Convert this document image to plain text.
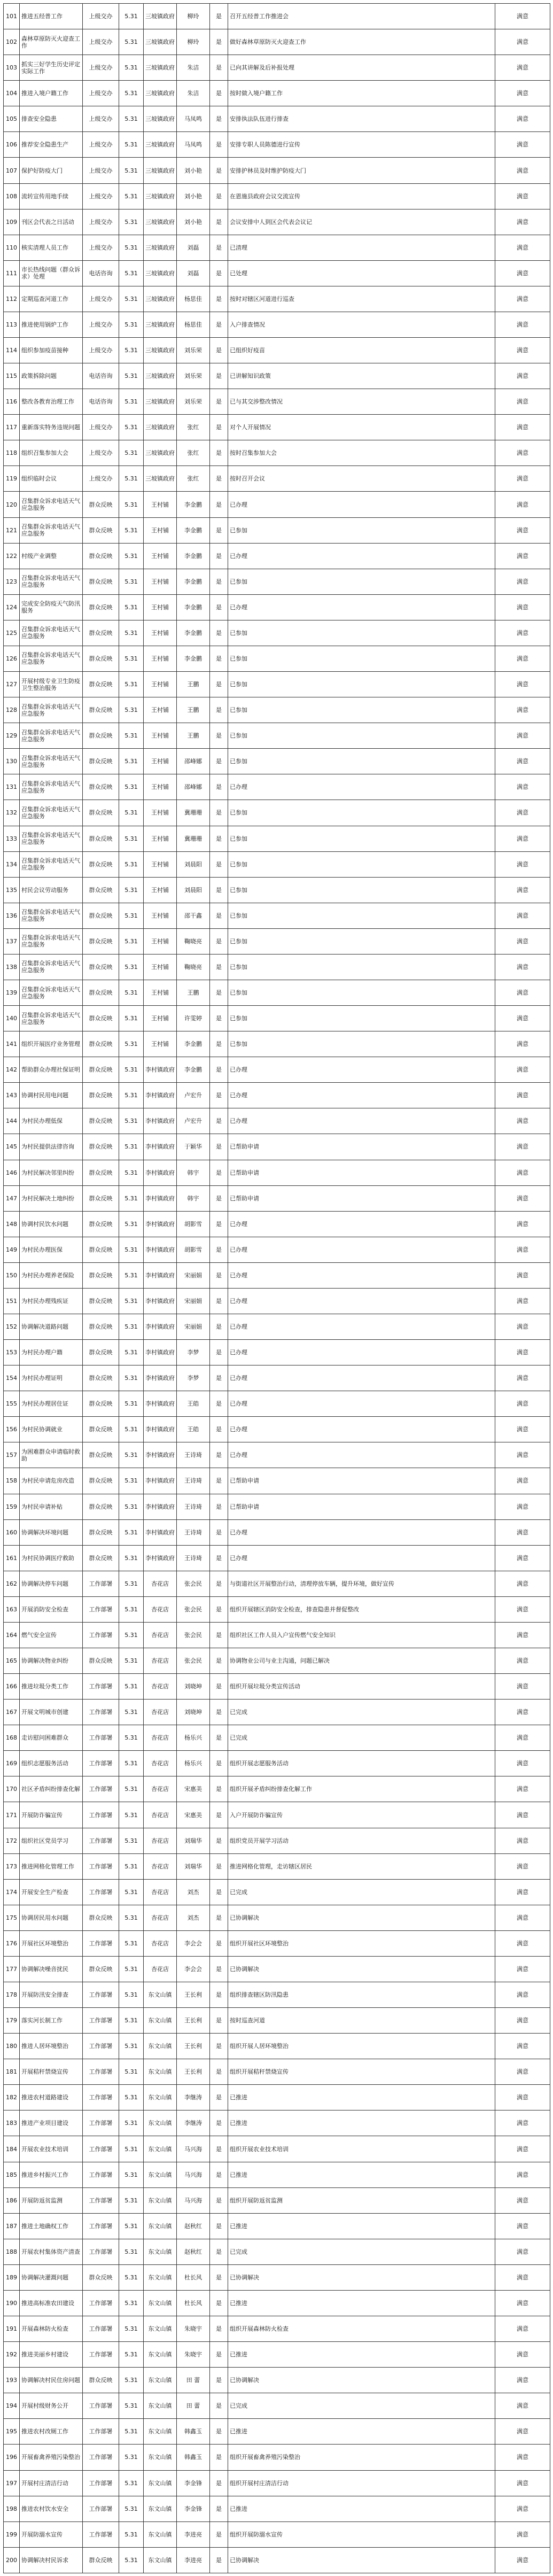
101	推进五经普工作	上级交办	5.31	三坡镇政府	柳玲	是	召开五经普工作推进会	满意
102	森林草原防灭火迎查工作	上级交办	5.31	三坡镇政府	柳玲	是	做好森林草原防灭火迎查工作	满意
103	抓实三好学生历史评定实际工作	上级交办	5.31	三坡镇政府	朱洁	是	已向其讲解及后补报处理	满意
104	推进入境户籍工作	上级交办	5.31	三坡镇政府	朱洁	是	按时做入境户籍工作	满意
105	排查安全隐患	上级交办	5.31	三坡镇政府	马凤鸣	是	安排执法队伍进行排查	满意
106	推荐安全隐患生产	上级交办	5.31	三坡镇政府	马凤鸣	是	安排专职人员陈德进行宣传	满意
107	保护好防疫大门	上级交办	5.31	三坡镇政府	刘小艳	是	安排护林员及时维护防疫大门	满意
108	流转宣传用地手续	上级交办	5.31	三坡镇政府	刘小艳	是	在恩施县政府会议交流宣传	满意
109	刊区会代表之日活动	上级交办	5.31	三坡镇政府	刘小艳	是	会议安排中人到区会代表会议记	满意
110	核实清理人员工作	上级交办	5.31	三坡镇政府	刘磊	是	已清理	满意
111	市长热线问题（群众诉求）处理	电话咨询	5.31	三坡镇政府	刘磊	是	已处理	满意
112	定期巡查河道工作	上级交办	5.31	三坡镇政府	杨思佳	是	按时对辖区河道进行巡查	满意
113	推进使用锅炉工作	上级交办	5.31	三坡镇政府	杨思佳	是	入户排查情况	满意
114	组织参加疫苗接种	上级交办	5.31	三坡镇政府	刘乐荣	是	已组织好疫苗	满意
115	政策拆除问题	电话咨询	5.31	三坡镇政府	刘乐荣	是	已讲解知识政策	满意
116	整改各教育治理工作	电话咨询	5.31	三坡镇政府	刘乐荣	是	已与其交涉整改情况	满意
117	重新落实特务违规问题	上级交办	5.31	三坡镇政府	张红	是	对个人开展情况	满意
118	组织召集参加大会	上级交办	5.31	三坡镇政府	张红	是	按时召集参加大会	满意
119	组织临时会议	上级交办	5.31	三坡镇政府	张红	是	按时召开会议	满意
120	召集群众诉求电话天气应急服务	群众反映	5.31	王村铺	李金鹏	是	已办理	满意
121	召集群众诉求电话天气应急服务	群众反映	5.31	王村铺	李金鹏	是	已参加	满意
122	村级产业调整	群众反映	5.31	王村铺	李金鹏	是	已办理	满意
123	召集群众诉求电话天气应急服务	群众反映	5.31	王村铺	李金鹏	是	已参加	满意
124	完成安全防疫天气防汛服务	群众反映	5.31	王村铺	李金鹏	是	已办理	满意
125	召集群众诉求电话天气应急服务	群众反映	5.31	王村铺	李金鹏	是	已参加	满意
126	召集群众诉求电话天气应急服务	群众反映	5.31	王村铺	李金鹏	是	已参加	满意
127	开展村级专业卫生防疫卫生整治服务	群众反映	5.31	王村铺	王鹏	是	已参加	满意
128	召集群众诉求电话天气应急服务	群众反映	5.31	王村铺	王鹏	是	已参加	满意
129	召集群众诉求电话天气应急服务	群众反映	5.31	王村铺	王鹏	是	已参加	满意
130	召集群众诉求电话天气应急服务	群众反映	5.31	王村铺	邵峰娜	是	已参加	满意
131	召集群众诉求电话天气应急服务	群众反映	5.31	王村铺	邵峰娜	是	已办理	满意
132	召集群众诉求电话天气应急服务	群众反映	5.31	王村铺	冀珊珊	是	已参加	满意
133	召集群众诉求电话天气应急服务	群众反映	5.31	王村铺	冀珊珊	是	已参加	满意
134	召集群众诉求电话天气应急服务	群众反映	5.31	王村铺	刘晨阳	是	已参加	满意
135	村民会议劳动服务	群众反映	5.31	王村铺	刘晨阳	是	已参加	满意
136	召集群众诉求电话天气应急服务	群众反映	5.31	王村铺	邵干鑫	是	已参加	满意
137	召集群众诉求电话天气应急服务	群众反映	5.31	王村铺	鞠晓亮	是	已参加	满意
138	召集群众诉求电话天气应急服务	群众反映	5.31	王村铺	鞠晓亮	是	已参加	满意
139	召集群众诉求电话天气应急服务	群众反映	5.31	王村铺	王鹏	是	已参加	满意
140	召集群众诉求电话天气应急服务	群众反映	5.31	王村铺	许雯婷	是	已参加	满意
141	组织开展医疗业务管理	群众反映	5.31	王村铺	李金鹏	是	已参加	满意
142	帮助群众办理社保证明	群众反映	5.31	李村镇政府	李金鹏	是	已办理	满意
143	协调村民用电问题	群众反映	5.31	李村镇政府	卢宏升	是	已办理	满意
144	为村民办理低保	群众反映	5.31	李村镇政府	卢宏升	是	已办理	满意
145	为村民提供法律咨询	群众反映	5.31	李村镇政府	于颖华	是	已帮助申请	满意
146	为村民解决邻里纠纷	群众反映	5.31	李村镇政府	韩宇	是	已帮助申请	满意
147	为村民解决土地纠纷	群众反映	5.31	李村镇政府	韩宇	是	已帮助申请	满意
148	协调村民饮水问题	群众反映	5.31	李村镇政府	胡影雪	是	已办理	满意
149	为村民办理医保	群众反映	5.31	李村镇政府	胡影雪	是	已办理	满意
150	为村民办理养老保险	群众反映	5.31	李村镇政府	宋丽娟	是	已办理	满意
151	为村民办理残疾证	群众反映	5.31	李村镇政府	宋丽娟	是	已办理	满意
152	协调解决道路问题	群众反映	5.31	李村镇政府	宋丽娟	是	已办理	满意
153	为村民办理户籍	群众反映	5.31	李村镇政府	李梦	是	已办理	满意
154	为村民办理证明	群众反映	5.31	李村镇政府	李梦	是	已办理	满意
155	为村民办理居住证	群众反映	5.31	李村镇政府	王皓	是	已办理	满意
156	为村民协调就业	群众反映	5.31	李村镇政府	王皓	是	已办理	满意
157	为困难群众申请临时救助	群众反映	5.31	李村镇政府	王诗琦	是	已办理	满意
158	为村民申请危房改造	群众反映	5.31	李村镇政府	王诗琦	是	已帮助申请	满意
159	为村民申请补贴	群众反映	5.31	李村镇政府	王诗琦	是	已帮助申请	满意
160	协调解决环境问题	群众反映	5.31	李村镇政府	王诗琦	是	已办理	满意
161	为村民协调医疗救助	群众反映	5.31	李村镇政府	王诗琦	是	已办理	满意
162	协调解决停车问题	工作部署	5.31	杏花店	张会民	是	与街道社区开展整治行动，清理停放车辆，提升环境，做好宣传	满意
163	开展消防安全检查	工作部署	5.31	杏花店	张会民	是	组织开展辖区消防安全检查，排查隐患并督促整改	满意
164	燃气安全宣传	工作部署	5.31	杏花店	张会民	是	组织社区工作人员入户宣传燃气安全知识	满意
165	协调解决物业纠纷	群众反映	5.31	杏花店	张会民	是	协调物业公司与业主沟通，问题已解决	满意
166	推进垃圾分类工作	工作部署	5.31	杏花店	刘晓坤	是	组织开展垃圾分类宣传活动	满意
167	开展文明城市创建	工作部署	5.31	杏花店	刘晓坤	是	已完成	满意
168	走访慰问困难群众	工作部署	5.31	杏花店	杨乐兴	是	已完成	满意
169	组织志愿服务活动	工作部署	5.31	杏花店	杨乐兴	是	组织开展志愿服务活动	满意
170	社区矛盾纠纷排查化解	工作部署	5.31	杏花店	宋惠美	是	组织开展矛盾纠纷排查化解工作	满意
171	开展防诈骗宣传	工作部署	5.31	杏花店	宋惠美	是	入户开展防诈骗宣传	满意
172	组织社区党员学习	工作部署	5.31	杏花店	刘瑞华	是	组织党员开展学习活动	满意
173	推进网格化管理工作	工作部署	5.31	杏花店	刘瑞华	是	推进网格化管理，走访辖区居民	满意
174	开展安全生产检查	工作部署	5.31	杏花店	刘杰	是	已完成	满意
175	协调居民用水问题	群众反映	5.31	杏花店	刘杰	是	已协调解决	满意
176	开展社区环境整治	工作部署	5.31	杏花店	李会会	是	组织开展社区环境整治	满意
177	协调解决噪音扰民	群众反映	5.31	杏花店	李会会	是	已协调解决	满意
178	开展防汛安全排查	工作部署	5.31	东文山镇	王长利	是	组织排查辖区防汛隐患	满意
179	落实河长制工作	工作部署	5.31	东文山镇	王长利	是	按时巡查河道	满意
180	推进人居环境整治	工作部署	5.31	东文山镇	王长利	是	组织开展人居环境整治	满意
181	开展秸秆禁烧宣传	工作部署	5.31	东文山镇	王长利	是	组织开展秸秆禁烧宣传	满意
182	推进农村道路建设	工作部署	5.31	东文山镇	李继涛	是	已推进	满意
183	推进产业项目建设	工作部署	5.31	东文山镇	李继涛	是	已推进	满意
184	开展农业技术培训	工作部署	5.31	东文山镇	马兴海	是	组织开展农业技术培训	满意
185	推进乡村振兴工作	工作部署	5.31	东文山镇	马兴海	是	已推进	满意
186	开展防返贫监测	工作部署	5.31	东文山镇	马兴海	是	组织开展防返贫监测	满意
187	推进土地确权工作	工作部署	5.31	东文山镇	赵秋红	是	已推进	满意
188	开展农村集体资产清查	工作部署	5.31	东文山镇	赵秋红	是	已完成	满意
189	协调解决灌溉问题	群众反映	5.31	东文山镇	杜长风	是	已协调解决	满意
190	推进高标准农田建设	工作部署	5.31	东文山镇	杜长风	是	已推进	满意
191	开展森林防火检查	工作部署	5.31	东文山镇	朱晓宇	是	组织开展森林防火检查	满意
192	推进美丽乡村建设	工作部署	5.31	东文山镇	朱晓宇	是	已推进	满意
193	协调解决村民住房问题	群众反映	5.31	东文山镇	田 蕾	是	已协调解决	满意
194	开展村级财务公开	工作部署	5.31	东文山镇	田 蕾	是	已完成	满意
195	推进农村改厕工作	工作部署	5.31	东文山镇	韩鑫玉	是	已推进	满意
196	开展畜禽养殖污染整治	工作部署	5.31	东文山镇	韩鑫玉	是	组织开展畜禽养殖污染整治	满意
197	开展村庄清洁行动	工作部署	5.31	东文山镇	李金锋	是	组织开展村庄清洁行动	满意
198	推进农村饮水安全	工作部署	5.31	东文山镇	李金锋	是	已推进	满意
199	开展防溺水宣传	工作部署	5.31	东文山镇	李进亮	是	组织开展防溺水宣传	满意
200	协调解决村民诉求	群众反映	5.31	东文山镇	李进亮	是	已协调解决	满意
